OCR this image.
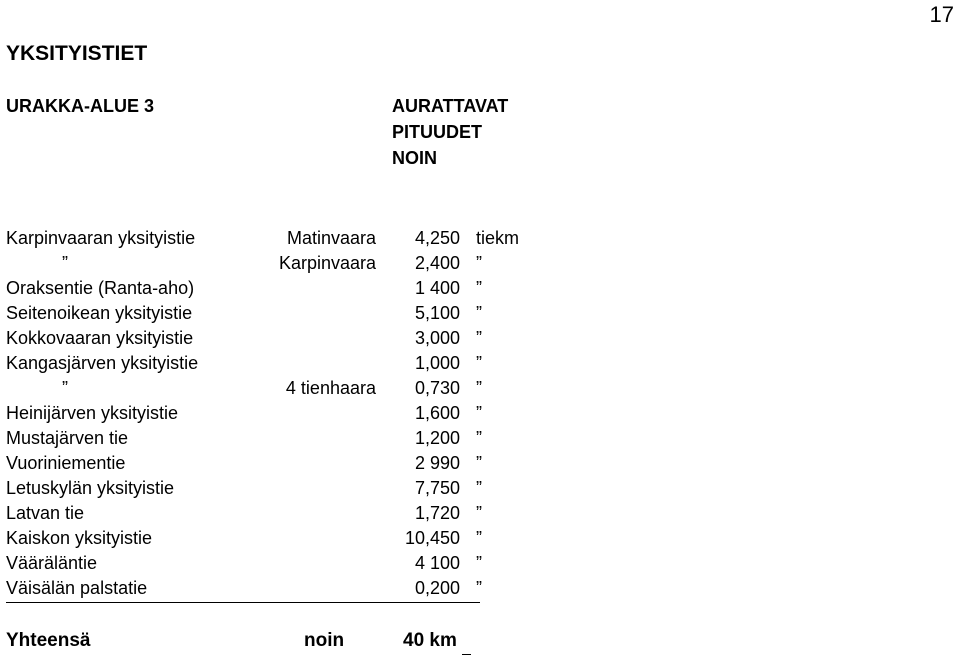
17
YKSITYISTIET
URAKKA-ALUE 3	AURATTAVAT
PITUUDET
NOIN
Karpinvaaran yksityistie	Matinvaara 4,250 tiekm
”	Karpinvaara 2,400 ”
Oraksentie (Ranta-aho)	1 400 ”
Seitenoikean yksityistie	5,100 ”
Kokkovaaran yksityistie	3,000 ”
Kangasjärven yksityistie	1,000 ”
”	4 tienhaara 0,730 ”
Heinijärven yksityistie	1,600 ”
Mustajärven tie	1,200 ”
Vuoriniementie	2 990 ”
Letuskylän yksityistie	7,750 ”
Latvan tie	1,720 ”
Kaiskon yksityistie	10,450 ”
Vääräläntie	4 100 ”
Väisälän palstatie	0,200 ”
Yhteensä	noin	40 km
